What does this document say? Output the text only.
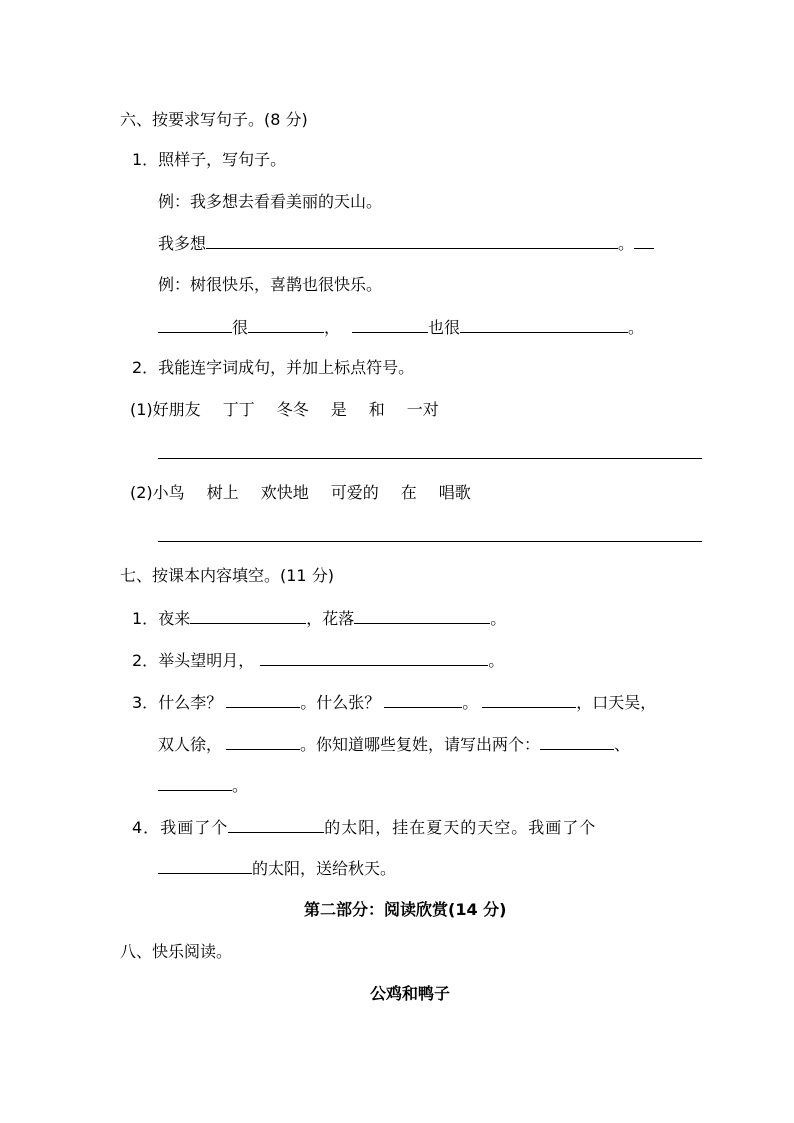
六、按要求写句子。(8 分)
1．照样子，写句子。
例：我多想去看看美丽的天山。
我多想	。
例：树很快乐，喜鹊也很快乐。
很	，	也很	。
2．我能连字词成句，并加上标点符号。
(1)好朋友 丁丁 冬冬 是 和 一对
(2)小鸟 树上 欢快地 可爱的 在 唱歌
七、按课本内容填空。(11 分)
1．夜来	，花落	。
2．举头望明月，	。
3．什么李？	。什么张？	。	，口天吴，
双人徐，	。你知道哪些复姓，请写出两个：	、
。
4．我画了个	的太阳，挂在夏天的天空。我画了个
的太阳，送给秋天。
第二部分：阅读欣赏(14 分)
八、快乐阅读。
公鸡和鸭子
